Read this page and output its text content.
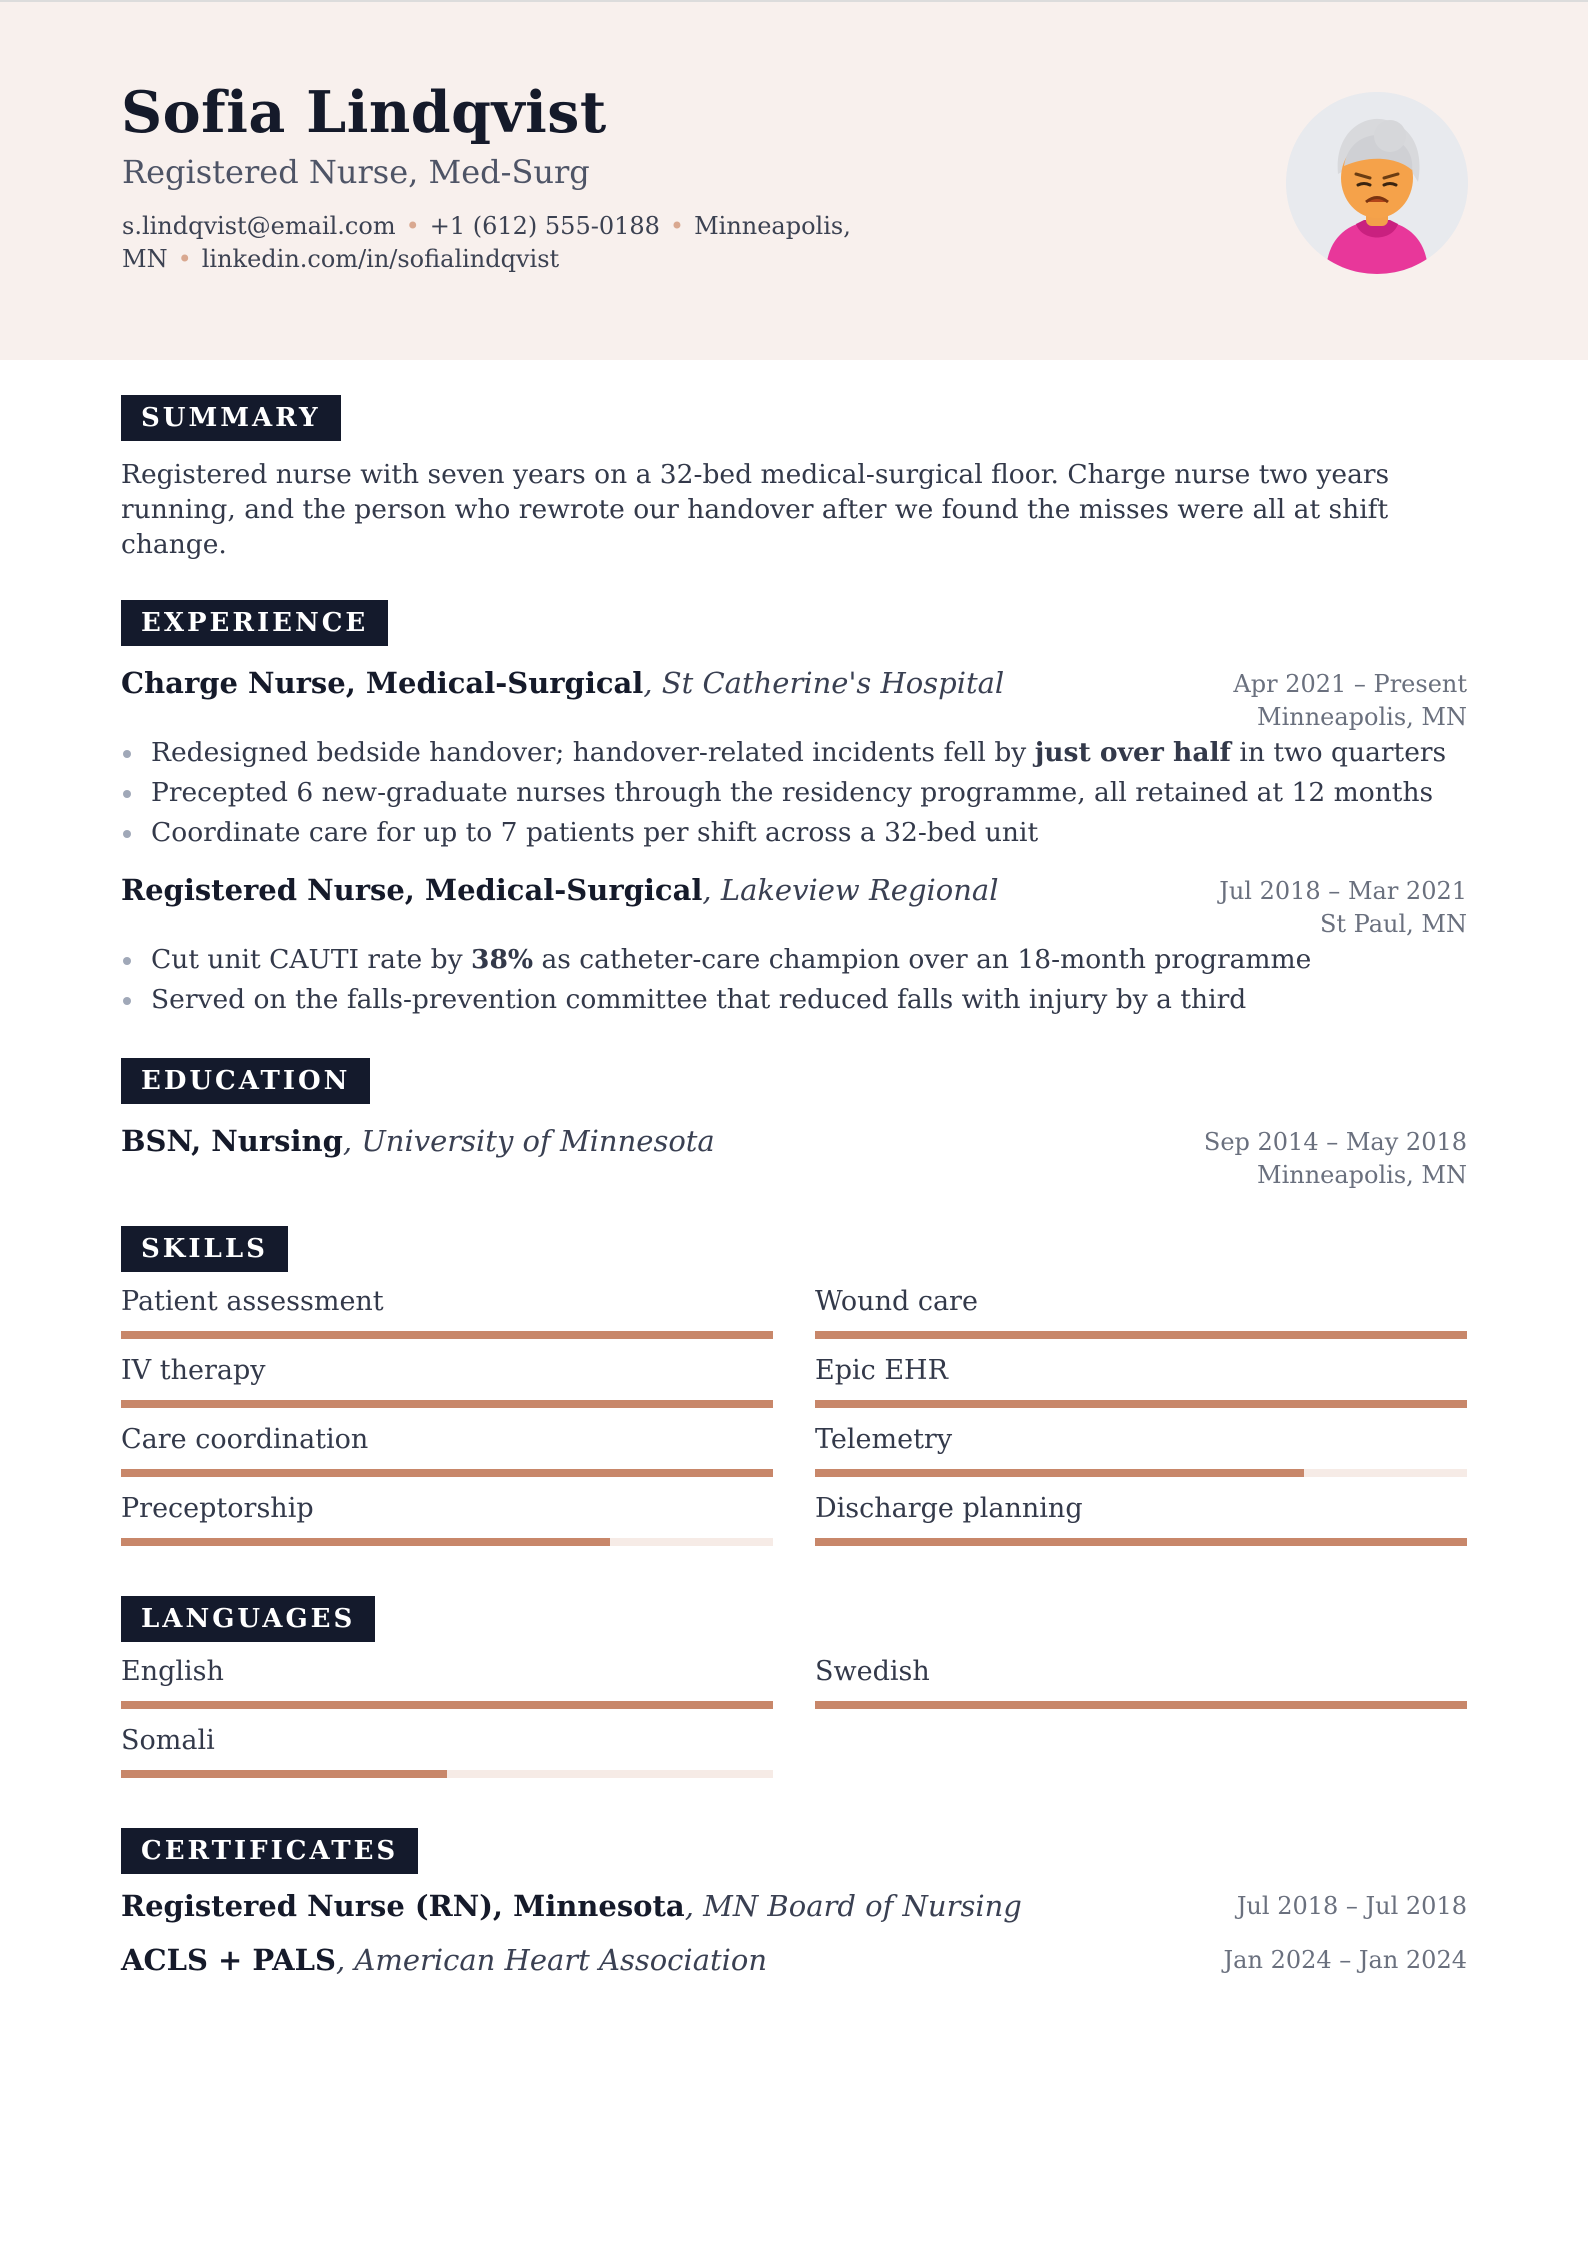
Sofia Lindqvist
Registered Nurse, Med-Surg
s.lindqvist@email.com • +1 (612) 555-0188 • Minneapolis, MN • linkedin.com/in/sofialindqvist
SUMMARY
Registered nurse with seven years on a 32-bed medical-surgical floor. Charge nurse two years running, and the person who rewrote our handover after we found the misses were all at shift change.
EXPERIENCE
Charge Nurse, Medical-Surgical, St Catherine's Hospital	Apr 2021 – Present
Minneapolis, MN
Redesigned bedside handover; handover-related incidents fell by just over half in two quarters
Precepted 6 new-graduate nurses through the residency programme, all retained at 12 months
Coordinate care for up to 7 patients per shift across a 32-bed unit
Registered Nurse, Medical-Surgical, Lakeview Regional	Jul 2018 – Mar 2021
St Paul, MN
Cut unit CAUTI rate by 38% as catheter-care champion over an 18-month programme
Served on the falls-prevention committee that reduced falls with injury by a third
EDUCATION
BSN, Nursing, University of Minnesota	Sep 2014 – May 2018
Minneapolis, MN
SKILLS
Patient assessment	Wound care
IV therapy	Epic EHR
Care coordination	Telemetry
Preceptorship	Discharge planning
LANGUAGES
English	Swedish
Somali
CERTIFICATES
Registered Nurse (RN), Minnesota, MN Board of Nursing	Jul 2018 – Jul 2018
ACLS + PALS, American Heart Association	Jan 2024 – Jan 2024
